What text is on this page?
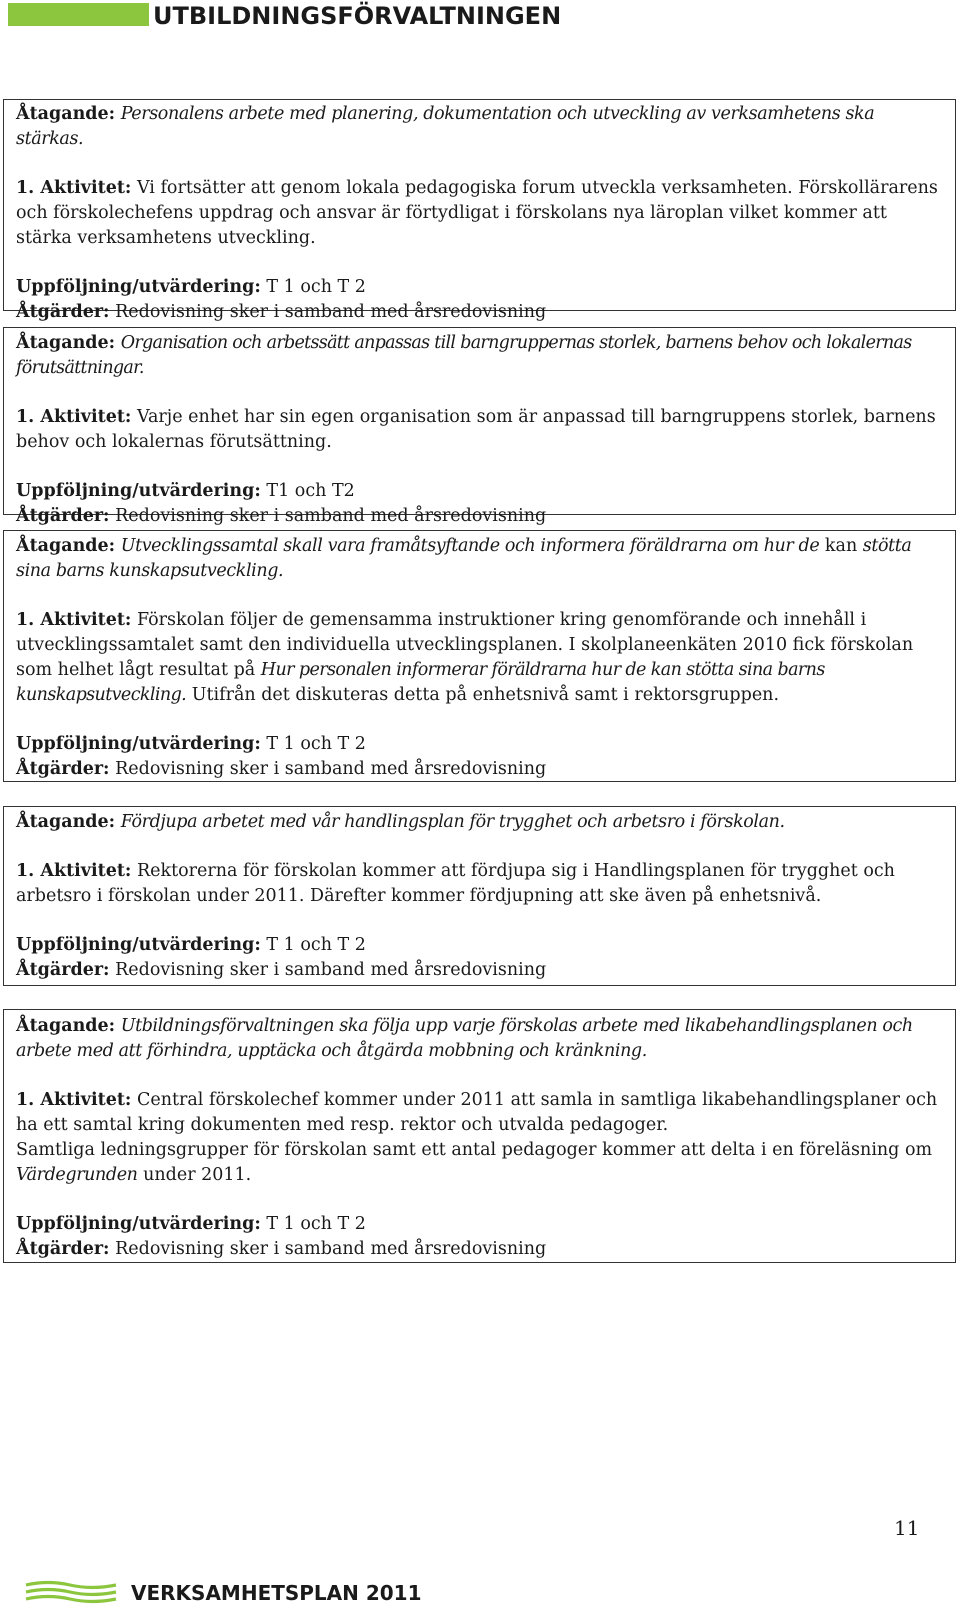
UTBILDNINGSFÖRVALTNINGEN

Åtagande: Personalens arbete med planering, dokumentation och utveckling av verksamhetens ska stärkas.

1. Aktivitet: Vi fortsätter att genom lokala pedagogiska forum utveckla verksamheten. Förskollärarens och förskolechefens uppdrag och ansvar är förtydligat i förskolans nya läroplan vilket kommer att stärka verksamhetens utveckling.

Uppföljning/utvärdering: T 1 och T 2

Åtgärder: Redovisning sker i samband med årsredovisning

Åtagande: Organisation och arbetssätt anpassas till barngruppernas storlek, barnens behov och lokalernas förutsättningar.

1. Aktivitet: Varje enhet har sin egen organisation som är anpassad till barngruppens storlek, barnens behov och lokalernas förutsättning.

Uppföljning/utvärdering: T1 och T2

Åtgärder: Redovisning sker i samband med årsredovisning

Åtagande: Utvecklingssamtal skall vara framåtsyftande och informera föräldrarna om hur de kan stötta sina barns kunskapsutveckling.

1. Aktivitet: Förskolan följer de gemensamma instruktioner kring genomförande och innehåll i utvecklingssamtalet samt den individuella utvecklingsplanen. I skolplaneenkäten 2010 fick förskolan som helhet lågt resultat på Hur personalen informerar föräldrarna hur de kan stötta sina barns kunskapsutveckling. Utifrån det diskuteras detta på enhetsnivå samt i rektorsgruppen.

Uppföljning/utvärdering: T 1 och T 2

Åtgärder: Redovisning sker i samband med årsredovisning

Åtagande: Fördjupa arbetet med vår handlingsplan för trygghet och arbetsro i förskolan.

1. Aktivitet: Rektorerna för förskolan kommer att fördjupa sig i Handlingsplanen för trygghet och arbetsro i förskolan under 2011. Därefter kommer fördjupning att ske även på enhetsnivå.

Uppföljning/utvärdering: T 1 och T 2

Åtgärder: Redovisning sker i samband med årsredovisning

Åtagande: Utbildningsförvaltningen ska följa upp varje förskolas arbete med likabehandlingsplanen och arbete med att förhindra, upptäcka och åtgärda mobbning och kränkning.

1. Aktivitet: Central förskolechef kommer under 2011 att samla in samtliga likabehandlingsplaner och ha ett samtal kring dokumenten med resp. rektor och utvalda pedagoger.

Samtliga ledningsgrupper för förskolan samt ett antal pedagoger kommer att delta i en föreläsning om Värdegrunden under 2011.

Uppföljning/utvärdering: T 1 och T 2

Åtgärder: Redovisning sker i samband med årsredovisning

11
VERKSAMHETSPLAN 2011
